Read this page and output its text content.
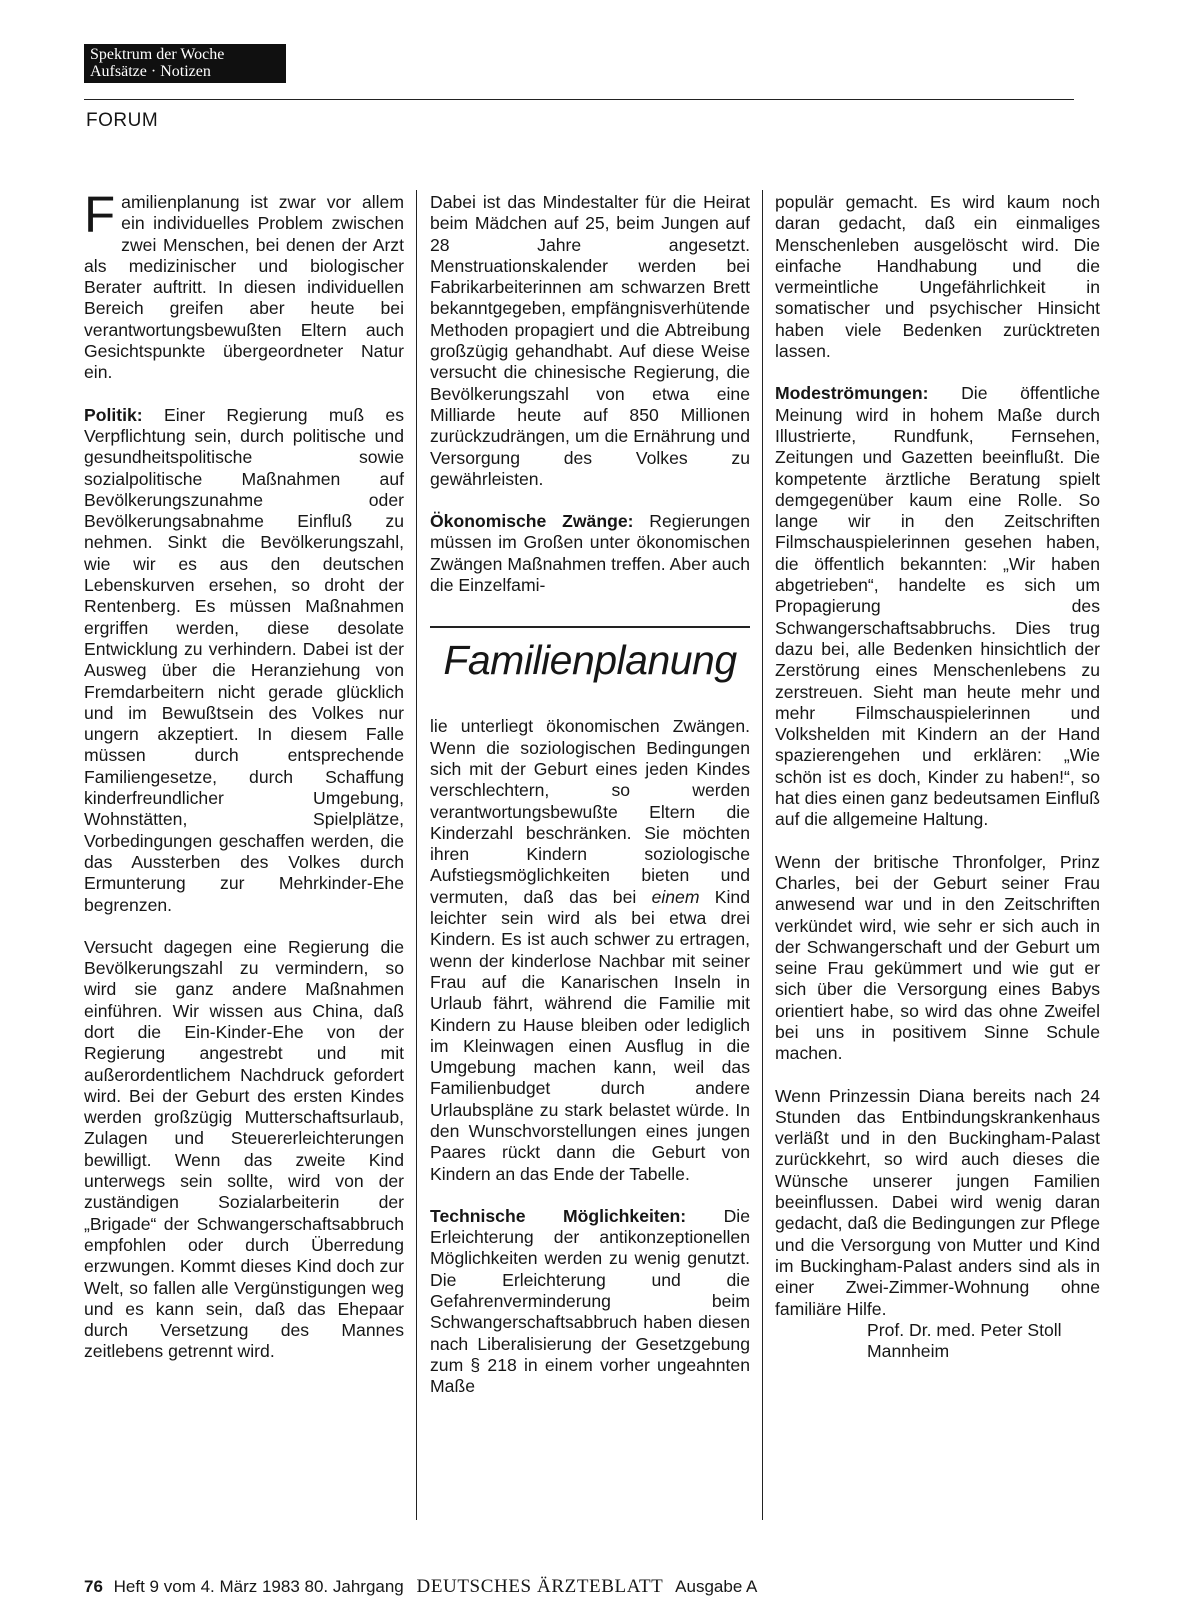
Spektrum der Woche
Aufsätze · Notizen
FORUM

Familienplanung ist zwar vor allem ein individuelles Problem zwischen zwei Menschen, bei denen der Arzt als medizinischer und biologischer Berater auftritt. In diesen individuellen Bereich greifen aber heute bei verantwortungsbewußten Eltern auch Gesichtspunkte übergeordneter Natur ein.

Politik: Einer Regierung muß es Verpflichtung sein, durch politische und gesundheitspolitische sowie sozialpolitische Maßnahmen auf Bevölkerungszunahme oder Bevölkerungsabnahme Einfluß zu nehmen. Sinkt die Bevölkerungszahl, wie wir es aus den deutschen Lebenskurven ersehen, so droht der Rentenberg. Es müssen Maßnahmen ergriffen werden, diese desolate Entwicklung zu verhindern. Dabei ist der Ausweg über die Heranziehung von Fremdarbeitern nicht gerade glücklich und im Bewußtsein des Volkes nur ungern akzeptiert. In diesem Falle müssen durch entsprechende Familiengesetze, durch Schaffung kinderfreundlicher Umgebung, Wohnstätten, Spielplätze, Vorbedingungen geschaffen werden, die das Aussterben des Volkes durch Ermunterung zur Mehrkinder-Ehe begrenzen.

Versucht dagegen eine Regierung die Bevölkerungszahl zu vermindern, so wird sie ganz andere Maßnahmen einführen. Wir wissen aus China, daß dort die Ein-Kinder-Ehe von der Regierung angestrebt und mit außerordentlichem Nachdruck gefordert wird. Bei der Geburt des ersten Kindes werden großzügig Mutterschaftsurlaub, Zulagen und Steuererleichterungen bewilligt. Wenn das zweite Kind unterwegs sein sollte, wird von der zuständigen Sozialarbeiterin der „Brigade“ der Schwangerschaftsabbruch empfohlen oder durch Überredung erzwungen. Kommt dieses Kind doch zur Welt, so fallen alle Vergünstigungen weg und es kann sein, daß das Ehepaar durch Versetzung des Mannes zeitlebens getrennt wird.

Dabei ist das Mindestalter für die Heirat beim Mädchen auf 25, beim Jungen auf 28 Jahre angesetzt. Menstruationskalender werden bei Fabrikarbeiterinnen am schwarzen Brett bekanntgegeben, empfängnisverhütende Methoden propagiert und die Abtreibung großzügig gehandhabt. Auf diese Weise versucht die chinesische Regierung, die Bevölkerungszahl von etwa eine Milliarde heute auf 850 Millionen zurückzudrängen, um die Ernährung und Versorgung des Volkes zu gewährleisten.

Ökonomische Zwänge: Regierungen müssen im Großen unter ökonomischen Zwängen Maßnahmen treffen. Aber auch die Einzelfami-

Familienplanung

lie unterliegt ökonomischen Zwängen. Wenn die soziologischen Bedingungen sich mit der Geburt eines jeden Kindes verschlechtern, so werden verantwortungsbewußte Eltern die Kinderzahl beschränken. Sie möchten ihren Kindern soziologische Aufstiegsmöglichkeiten bieten und vermuten, daß das bei einem Kind leichter sein wird als bei etwa drei Kindern. Es ist auch schwer zu ertragen, wenn der kinderlose Nachbar mit seiner Frau auf die Kanarischen Inseln in Urlaub fährt, während die Familie mit Kindern zu Hause bleiben oder lediglich im Kleinwagen einen Ausflug in die Umgebung machen kann, weil das Familienbudget durch andere Urlaubspläne zu stark belastet würde. In den Wunschvorstellungen eines jungen Paares rückt dann die Geburt von Kindern an das Ende der Tabelle.

Technische Möglichkeiten: Die Erleichterung der antikonzeptionellen Möglichkeiten werden zu wenig genutzt. Die Erleichterung und die Gefahrenverminderung beim Schwangerschaftsabbruch haben diesen nach Liberalisierung der Gesetzgebung zum § 218 in einem vorher ungeahnten Maße

populär gemacht. Es wird kaum noch daran gedacht, daß ein einmaliges Menschenleben ausgelöscht wird. Die einfache Handhabung und die vermeintliche Ungefährlichkeit in somatischer und psychischer Hinsicht haben viele Bedenken zurücktreten lassen.

Modeströmungen: Die öffentliche Meinung wird in hohem Maße durch Illustrierte, Rundfunk, Fernsehen, Zeitungen und Gazetten beeinflußt. Die kompetente ärztliche Beratung spielt demgegenüber kaum eine Rolle. So lange wir in den Zeitschriften Filmschauspielerinnen gesehen haben, die öffentlich bekannten: „Wir haben abgetrieben“, handelte es sich um Propagierung des Schwangerschaftsabbruchs. Dies trug dazu bei, alle Bedenken hinsichtlich der Zerstörung eines Menschenlebens zu zerstreuen. Sieht man heute mehr und mehr Filmschauspielerinnen und Volkshelden mit Kindern an der Hand spazierengehen und erklären: „Wie schön ist es doch, Kinder zu haben!“, so hat dies einen ganz bedeutsamen Einfluß auf die allgemeine Haltung.

Wenn der britische Thronfolger, Prinz Charles, bei der Geburt seiner Frau anwesend war und in den Zeitschriften verkündet wird, wie sehr er sich auch in der Schwangerschaft und der Geburt um seine Frau gekümmert und wie gut er sich über die Versorgung eines Babys orientiert habe, so wird das ohne Zweifel bei uns in positivem Sinne Schule machen.

Wenn Prinzessin Diana bereits nach 24 Stunden das Entbindungskrankenhaus verläßt und in den Buckingham-Palast zurückkehrt, so wird auch dieses die Wünsche unserer jungen Familien beeinflussen. Dabei wird wenig daran gedacht, daß die Bedingungen zur Pflege und die Versorgung von Mutter und Kind im Buckingham-Palast anders sind als in einer Zwei-Zimmer-Wohnung ohne familiäre Hilfe.

Prof. Dr. med. Peter Stoll
Mannheim
76 Heft 9 vom 4. März 1983 80. Jahrgang DEUTSCHES ÄRZTEBLATT Ausgabe A
